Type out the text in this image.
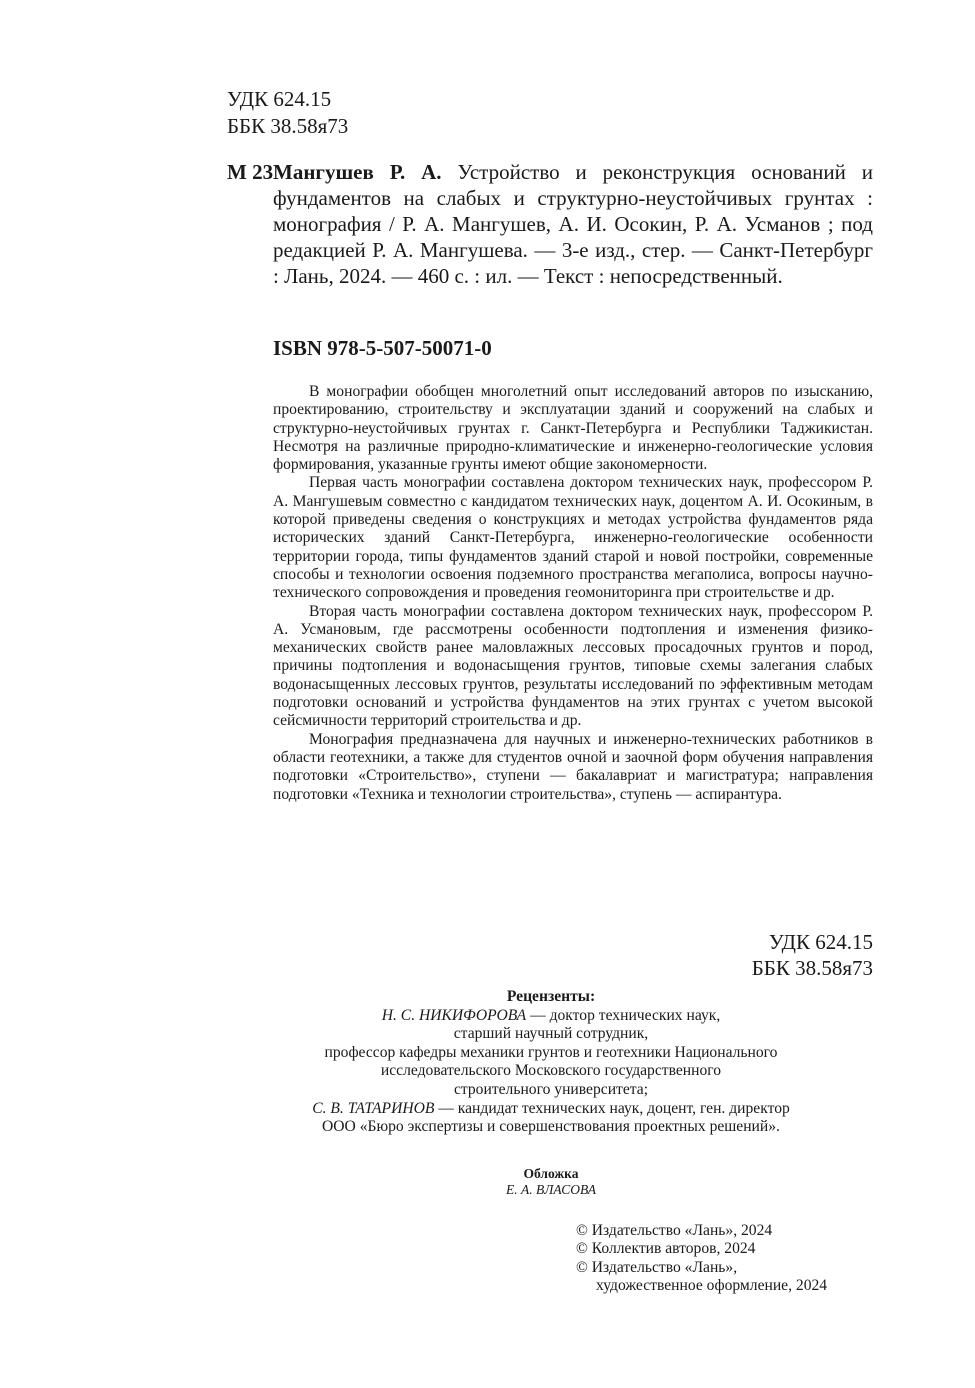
УДК 624.15
ББК 38.58я73
М 23 Мангушев Р. А. Устройство и реконструкция оснований и фундаментов на слабых и структурно-неустойчивых грунтах : монография / Р. А. Мангушев, А. И. Осокин, Р. А. Усманов ; под редакцией Р. А. Мангушева. — 3-е изд., стер. — Санкт-Петербург : Лань, 2024. — 460 с. : ил. — Текст : непосредственный.
ISBN 978-5-507-50071-0

В монографии обобщен многолетний опыт исследований авторов по изысканию, проектированию, строительству и эксплуатации зданий и сооружений на слабых и структурно-неустойчивых грунтах г. Санкт-Петербурга и Республики Таджикистан. Несмотря на различные природно-климатические и инженерно-геологические условия формирования, указанные грунты имеют общие закономерности.

Первая часть монографии составлена доктором технических наук, профессором Р. А. Мангушевым совместно с кандидатом технических наук, доцентом А. И. Осокиным, в которой приведены сведения о конструкциях и методах устройства фундаментов ряда исторических зданий Санкт-Петербурга, инженерно-геологические особенности территории города, типы фундаментов зданий старой и новой постройки, современные способы и технологии освоения подземного пространства мегаполиса, вопросы научно-технического сопровождения и проведения геомониторинга при строительстве и др.

Вторая часть монографии составлена доктором технических наук, профессором Р. А. Усмановым, где рассмотрены особенности подтопления и изменения физико-механических свойств ранее маловлажных лессовых просадочных грунтов и пород, причины подтопления и водонасыщения грунтов, типовые схемы залегания слабых водонасыщенных лессовых грунтов, результаты исследований по эффективным методам подготовки оснований и устройства фундаментов на этих грунтах с учетом высокой сейсмичности территорий строительства и др.

Монография предназначена для научных и инженерно-технических работников в области геотехники, а также для студентов очной и заочной форм обучения направления подготовки «Строительство», ступени — бакалавриат и магистратура; направления подготовки «Техника и технологии строительства», ступень — аспирантура.

УДК 624.15
ББК 38.58я73
Рецензенты:
Н. С. НИКИФОРОВА — доктор технических наук,
старший научный сотрудник,
профессор кафедры механики грунтов и геотехники Национального
исследовательского Московского государственного
строительного университета;
С. В. ТАТАРИНОВ — кандидат технических наук, доцент, ген. директор
ООО «Бюро экспертизы и совершенствования проектных решений».
Обложка
Е. А. ВЛАСОВА
© Издательство «Лань», 2024
© Коллектив авторов, 2024
© Издательство «Лань»,
художественное оформление, 2024
